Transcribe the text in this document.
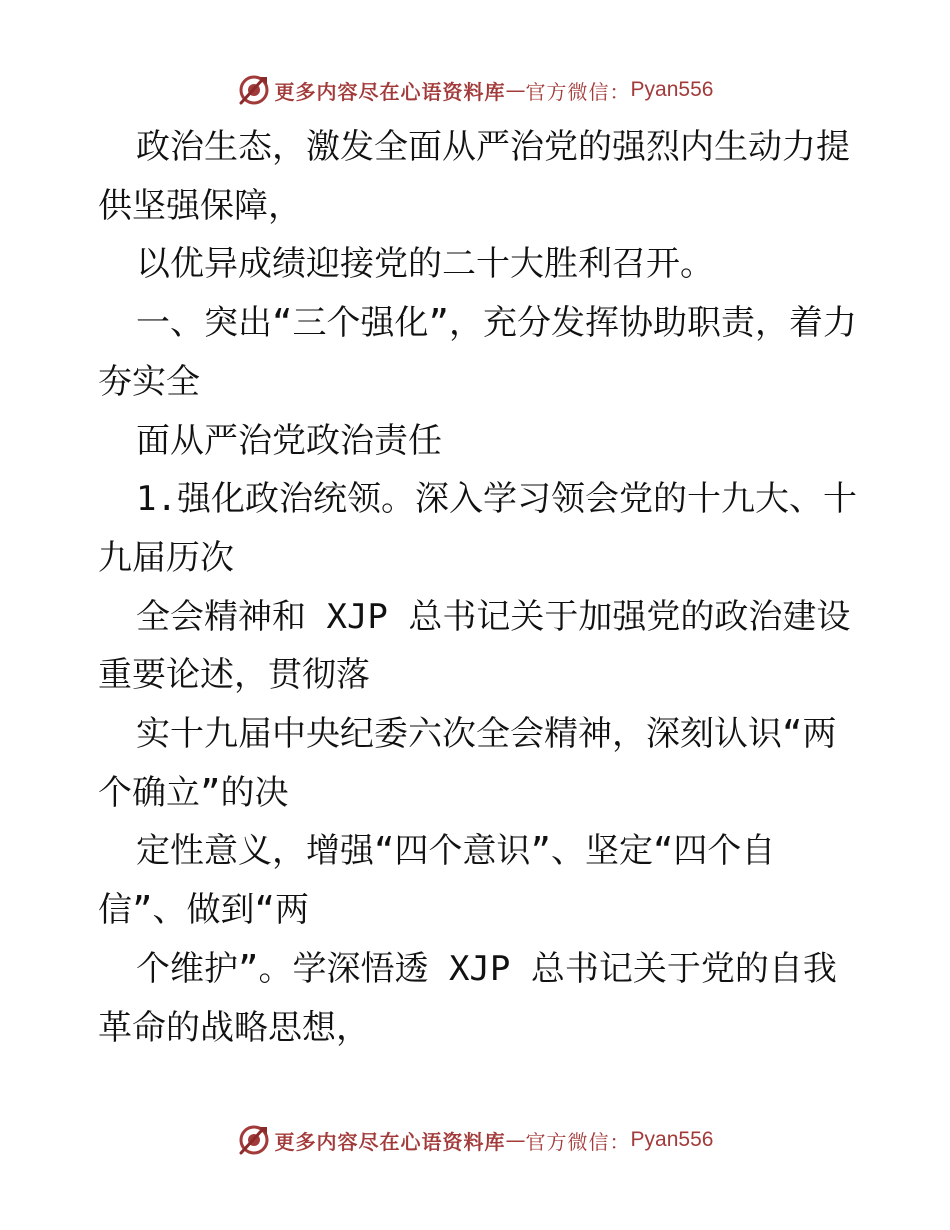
更多内容尽在心语资料库 — 官方微信： Pyan556

政治生态，激发全面从严治党的强烈内生动力提供坚强保障，

以优异成绩迎接党的二十大胜利召开。

一、突出“三个强化”，充分发挥协助职责，着力夯实全

面从严治党政治责任

1.强化政治统领。深入学习领会党的十九大、十九届历次

全会精神和 XJP 总书记关于加强党的政治建设重要论述，贯彻落

实十九届中央纪委六次全会精神，深刻认识“两个确立”的决

定性意义，增强“四个意识”、坚定“四个自信”、做到“两

个维护”。学深悟透 XJP 总书记关于党的自我革命的战略思想，

更多内容尽在心语资料库 — 官方微信： Pyan556
